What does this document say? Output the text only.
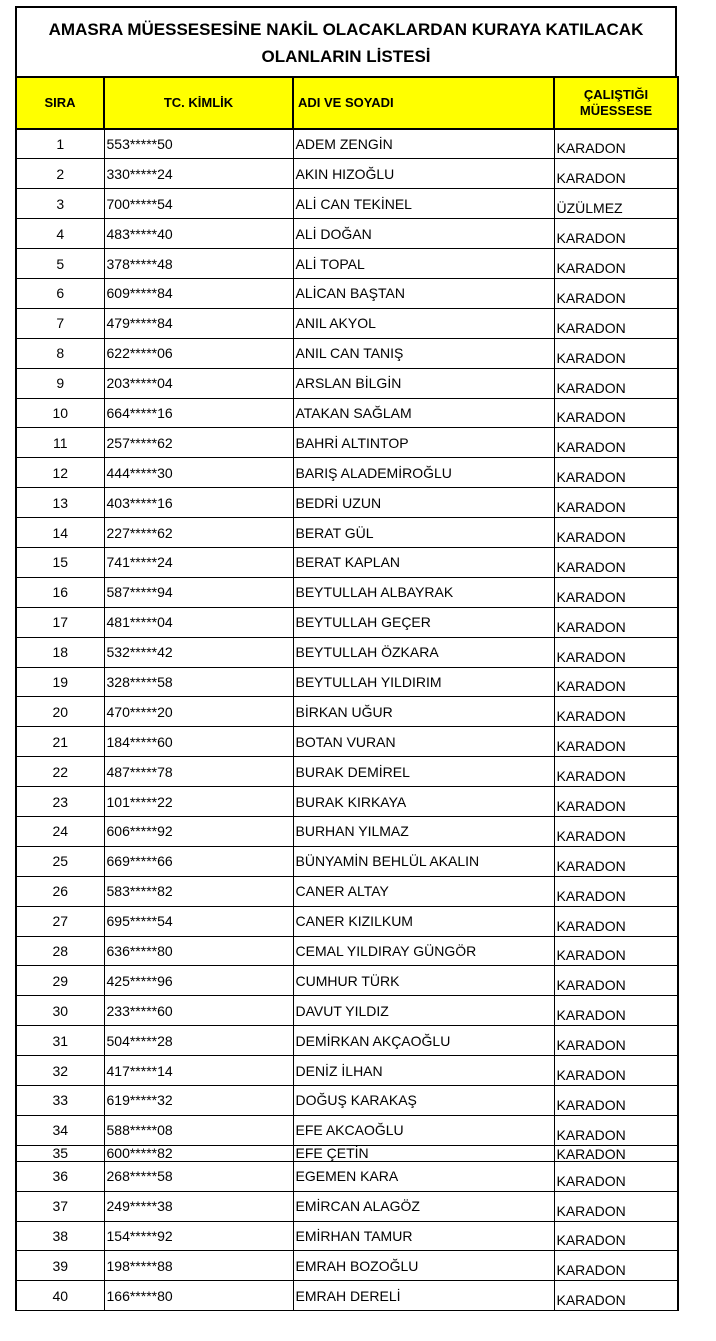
AMASRA MÜESSESESİNE NAKİL OLACAKLARDAN KURAYA KATILACAK OLANLARIN LİSTESİ
SIRA	TC. KİMLİK	ADI VE SOYADI	ÇALIŞTIĞI
MÜESSESE

1	553*****50	ADEM ZENGİN	KARADON
2	330*****24	AKIN HIZOĞLU	KARADON
3	700*****54	ALİ CAN TEKİNEL	ÜZÜLMEZ
4	483*****40	ALİ DOĞAN	KARADON
5	378*****48	ALİ TOPAL	KARADON
6	609*****84	ALİCAN BAŞTAN	KARADON
7	479*****84	ANIL AKYOL	KARADON
8	622*****06	ANIL CAN TANIŞ	KARADON
9	203*****04	ARSLAN BİLGİN	KARADON
10	664*****16	ATAKAN SAĞLAM	KARADON
11	257*****62	BAHRİ ALTINTOP	KARADON
12	444*****30	BARIŞ ALADEMİROĞLU	KARADON
13	403*****16	BEDRİ UZUN	KARADON
14	227*****62	BERAT GÜL	KARADON
15	741*****24	BERAT KAPLAN	KARADON
16	587*****94	BEYTULLAH ALBAYRAK	KARADON
17	481*****04	BEYTULLAH GEÇER	KARADON
18	532*****42	BEYTULLAH ÖZKARA	KARADON
19	328*****58	BEYTULLAH YILDIRIM	KARADON
20	470*****20	BİRKAN UĞUR	KARADON
21	184*****60	BOTAN VURAN	KARADON
22	487*****78	BURAK DEMİREL	KARADON
23	101*****22	BURAK KIRKAYA	KARADON
24	606*****92	BURHAN YILMAZ	KARADON
25	669*****66	BÜNYAMİN BEHLÜL AKALIN	KARADON
26	583*****82	CANER ALTAY	KARADON
27	695*****54	CANER KIZILKUM	KARADON
28	636*****80	CEMAL YILDIRAY GÜNGÖR	KARADON
29	425*****96	CUMHUR TÜRK	KARADON
30	233*****60	DAVUT YILDIZ	KARADON
31	504*****28	DEMİRKAN AKÇAOĞLU	KARADON
32	417*****14	DENİZ İLHAN	KARADON
33	619*****32	DOĞUŞ KARAKAŞ	KARADON
34	588*****08	EFE AKCAOĞLU	KARADON
35	600*****82	EFE ÇETİN	KARADON
36	268*****58	EGEMEN KARA	KARADON
37	249*****38	EMİRCAN ALAGÖZ	KARADON
38	154*****92	EMİRHAN TAMUR	KARADON
39	198*****88	EMRAH BOZOĞLU	KARADON
40	166*****80	EMRAH DERELİ	KARADON
